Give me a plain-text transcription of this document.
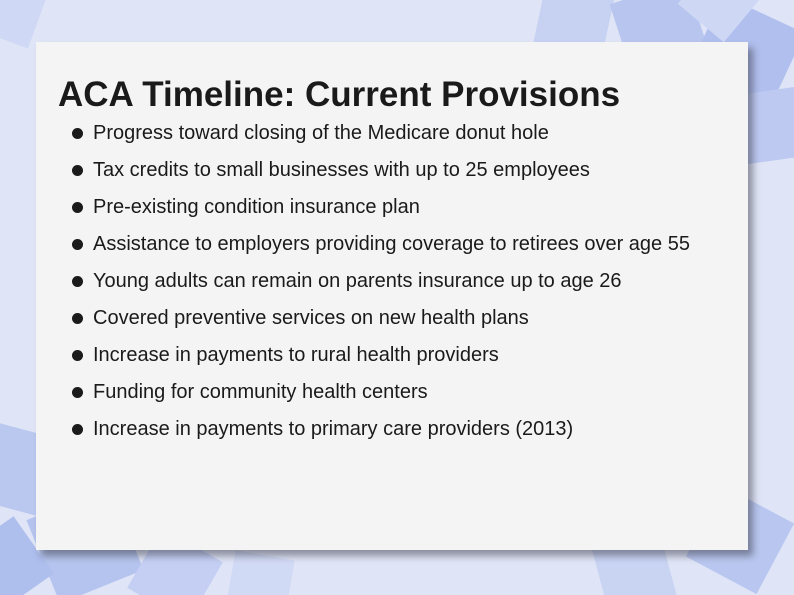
ACA Timeline: Current Provisions
Progress toward closing of the Medicare donut hole
Tax credits to small businesses with up to 25 employees
Pre-existing condition insurance plan
Assistance to employers providing coverage to retirees over age 55
Young adults can remain on parents insurance up to age 26
Covered preventive services on new health plans
Increase in payments to rural health providers
Funding for community health centers
Increase in payments to primary care providers (2013)
